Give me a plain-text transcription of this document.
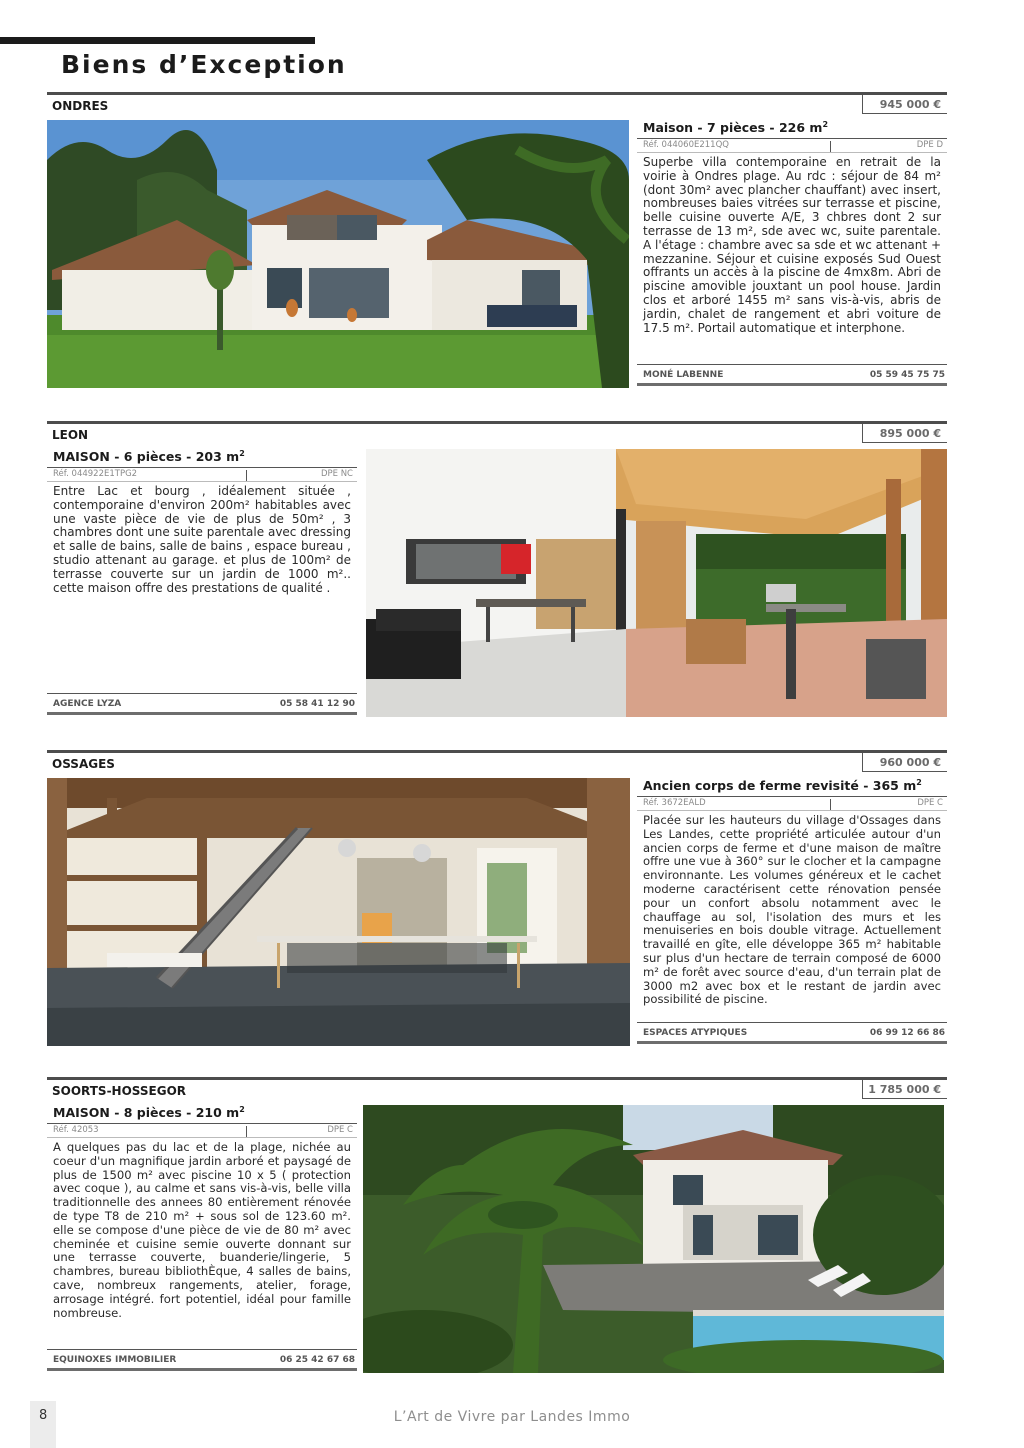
Biens d’Exception
ONDRES	945 000 €
Maison - 7 pièces - 226 $m^2$
Réf. 044060E211QQ	DPE D

Superbe villa contemporaine en retrait de la voirie à Ondres plage. Au rdc : séjour de 84 m² (dont 30m² avec plancher chauffant) avec insert, nombreuses baies vitrées sur terrasse et piscine, belle cuisine ouverte A/E, 3 chbres dont 2 sur terrasse de 13 m², sde avec wc, suite parentale. A l'étage : chambre avec sa sde et wc attenant + mezzanine. Séjour et cuisine exposés Sud Ouest offrants un accès à la piscine de 4mx8m. Abri de piscine amovible jouxtant un pool house. Jardin clos et arboré 1455 m² sans vis-à-vis, abris de jardin, chalet de rangement et abri voiture de 17.5 m². Portail automatique et interphone.

MONÉ LABENNE	05 59 45 75 75
LEON	895 000 €
MAISON - 6 pièces - 203 $m^2$
Réf. 044922E1TPG2	DPE NC

Entre Lac et bourg , idéalement située , contemporaine d'environ 200m² habitables avec une vaste pièce de vie de plus de 50m² , 3 chambres dont une suite parentale avec dressing et salle de bains, salle de bains , espace bureau , studio attenant au garage. et plus de 100m² de terrasse couverte sur un jardin de 1000 m².. cette maison offre des prestations de qualité .

AGENCE LYZA	05 58 41 12 90
OSSAGES	960 000 €
Ancien corps de ferme revisité - 365 $m^2$
Réf. 3672EALD	DPE C

Placée sur les hauteurs du village d'Ossages dans Les Landes, cette propriété articulée autour d'un ancien corps de ferme et d'une maison de maître offre une vue à 360° sur le clocher et la campagne environnante. Les volumes généreux et le cachet moderne caractérisent cette rénovation pensée pour un confort absolu notamment avec le chauffage au sol, l'isolation des murs et les menuiseries en bois double vitrage. Actuellement travaillé en gîte, elle développe 365 m² habitable sur plus d'un hectare de terrain composé de 6000 m² de forêt avec source d'eau, d'un terrain plat de 3000 m2 avec box et le restant de jardin avec possibilité de piscine.

ESPACES ATYPIQUES	06 99 12 66 86
SOORTS-HOSSEGOR	1 785 000 €
MAISON - 8 pièces - 210 $m^2$
Réf. 42053	DPE C

A quelques pas du lac et de la plage, nichée au coeur d'un magnifique jardin arboré et paysagé de plus de 1500 m² avec piscine 10 x 5 ( protection avec coque ), au calme et sans vis-à-vis, belle villa traditionnelle des annees 80 entièrement rénovée de type T8 de 210 m² + sous sol de 123.60 m². elle se compose d'une pièce de vie de 80 m² avec cheminée et cuisine semie ouverte donnant sur une terrasse couverte, buanderie/lingerie, 5 chambres, bureau bibliothÈque, 4 salles de bains, cave, nombreux rangements, atelier, forage, arrosage intégré. fort potentiel, idéal pour famille nombreuse.

EQUINOXES IMMOBILIER	06 25 42 67 68
8	L’Art de Vivre par Landes Immo
